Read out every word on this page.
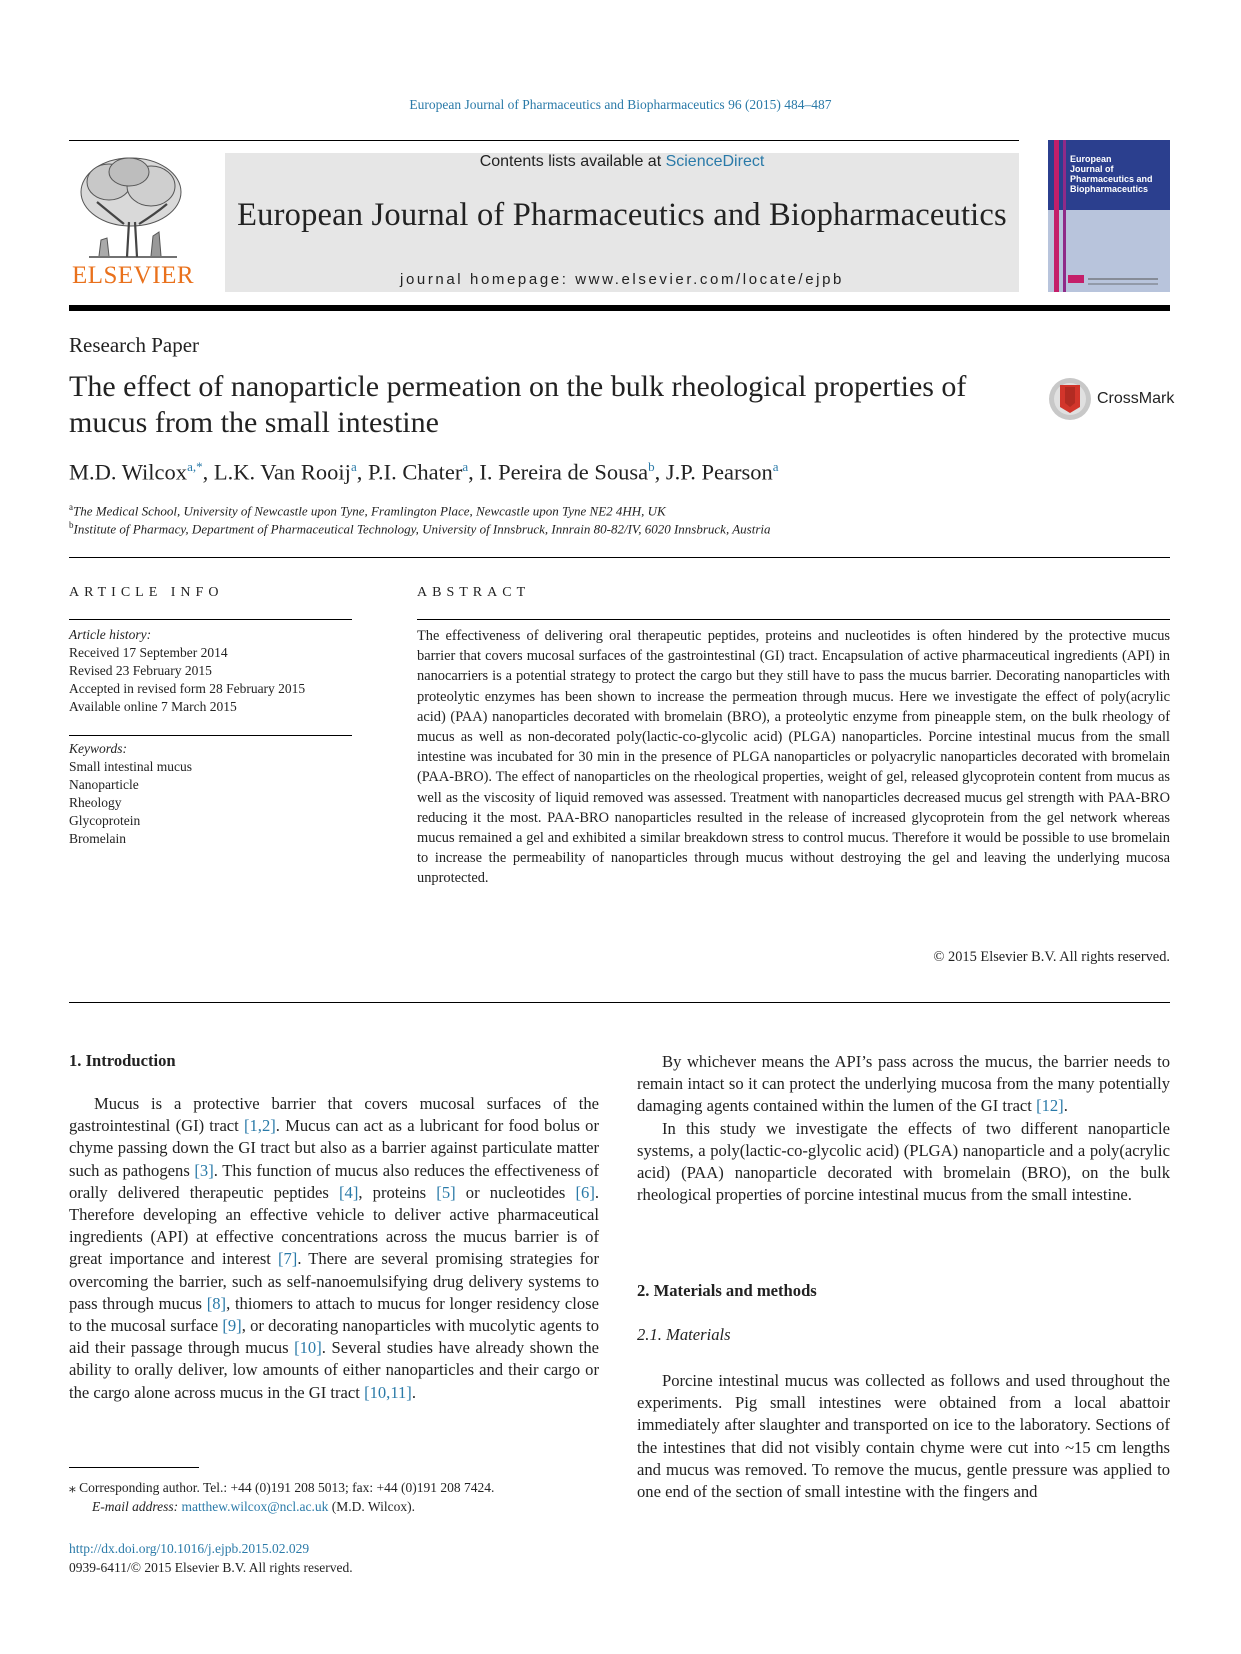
European Journal of Pharmaceutics and Biopharmaceutics 96 (2015) 484–487
ELSEVIER
Contents lists available at ScienceDirect
European Journal of Pharmaceutics and Biopharmaceutics
journal homepage: www.elsevier.com/locate/ejpb
European
Journal of
Pharmaceutics and
Biopharmaceutics
Research Paper
The effect of nanoparticle permeation on the bulk rheological properties of mucus from the small intestine
CrossMark
M.D. Wilcox$^{a,*}$, L.K. Van Rooij$^a$, P.I. Chater$^a$, I. Pereira de Sousa$^b$, J.P. Pearson$^a$
$^a$The Medical School, University of Newcastle upon Tyne, Framlington Place, Newcastle upon Tyne NE2 4HH, UK
$^b$Institute of Pharmacy, Department of Pharmaceutical Technology, University of Innsbruck, Innrain 80-82/IV, 6020 Innsbruck, Austria
ARTICLE INFO	ABSTRACT
Article history:
Received 17 September 2014
Revised 23 February 2015
Accepted in revised form 28 February 2015
Available online 7 March 2015
Keywords:
Small intestinal mucus
Nanoparticle
Rheology
Glycoprotein
Bromelain
The effectiveness of delivering oral therapeutic peptides, proteins and nucleotides is often hindered by the protective mucus barrier that covers mucosal surfaces of the gastrointestinal (GI) tract. Encapsulation of active pharmaceutical ingredients (API) in nanocarriers is a potential strategy to protect the cargo but they still have to pass the mucus barrier. Decorating nanoparticles with proteolytic enzymes has been shown to increase the permeation through mucus. Here we investigate the effect of poly(acrylic acid) (PAA) nanoparticles decorated with bromelain (BRO), a proteolytic enzyme from pineapple stem, on the bulk rheology of mucus as well as non-decorated poly(lactic-co-glycolic acid) (PLGA) nanoparticles. Porcine intestinal mucus from the small intestine was incubated for 30 min in the presence of PLGA nanoparticles or polyacrylic nanoparticles decorated with bromelain (PAA-BRO). The effect of nanoparticles on the rheological properties, weight of gel, released glycoprotein content from mucus as well as the viscosity of liquid removed was assessed. Treatment with nanoparticles decreased mucus gel strength with PAA-BRO reducing it the most. PAA-BRO nanoparticles resulted in the release of increased glycoprotein from the gel network whereas mucus remained a gel and exhibited a similar breakdown stress to control mucus. Therefore it would be possible to use bromelain to increase the permeability of nanoparticles through mucus without destroying the gel and leaving the underlying mucosa unprotected.
© 2015 Elsevier B.V. All rights reserved.
1. Introduction

Mucus is a protective barrier that covers mucosal surfaces of the gastrointestinal (GI) tract [1,2]. Mucus can act as a lubricant for food bolus or chyme passing down the GI tract but also as a barrier against particulate matter such as pathogens [3]. This function of mucus also reduces the effectiveness of orally delivered therapeutic peptides [4], proteins [5] or nucleotides [6]. Therefore developing an effective vehicle to deliver active pharmaceutical ingredients (API) at effective concentrations across the mucus barrier is of great importance and interest [7]. There are several promising strategies for overcoming the barrier, such as self-nanoemulsifying drug delivery systems to pass through mucus [8], thiomers to attach to mucus for longer residency close to the mucosal surface [9], or decorating nanoparticles with mucolytic agents to aid their passage through mucus [10]. Several studies have already shown the ability to orally deliver, low amounts of either nanoparticles and their cargo or the cargo alone across mucus in the GI tract [10,11].

By whichever means the API’s pass across the mucus, the barrier needs to remain intact so it can protect the underlying mucosa from the many potentially damaging agents contained within the lumen of the GI tract [12].

In this study we investigate the effects of two different nanoparticle systems, a poly(lactic-co-glycolic acid) (PLGA) nanoparticle and a poly(acrylic acid) (PAA) nanoparticle decorated with bromelain (BRO), on the bulk rheological properties of porcine intestinal mucus from the small intestine.

2. Materials and methods
2.1. Materials

Porcine intestinal mucus was collected as follows and used throughout the experiments. Pig small intestines were obtained from a local abattoir immediately after slaughter and transported on ice to the laboratory. Sections of the intestines that did not visibly contain chyme were cut into ~15 cm lengths and mucus was removed. To remove the mucus, gentle pressure was applied to one end of the section of small intestine with the fingers and

⁎ Corresponding author. Tel.: +44 (0)191 208 5013; fax: +44 (0)191 208 7424.
E-mail address: matthew.wilcox@ncl.ac.uk (M.D. Wilcox).
http://dx.doi.org/10.1016/j.ejpb.2015.02.029
0939-6411/© 2015 Elsevier B.V. All rights reserved.
